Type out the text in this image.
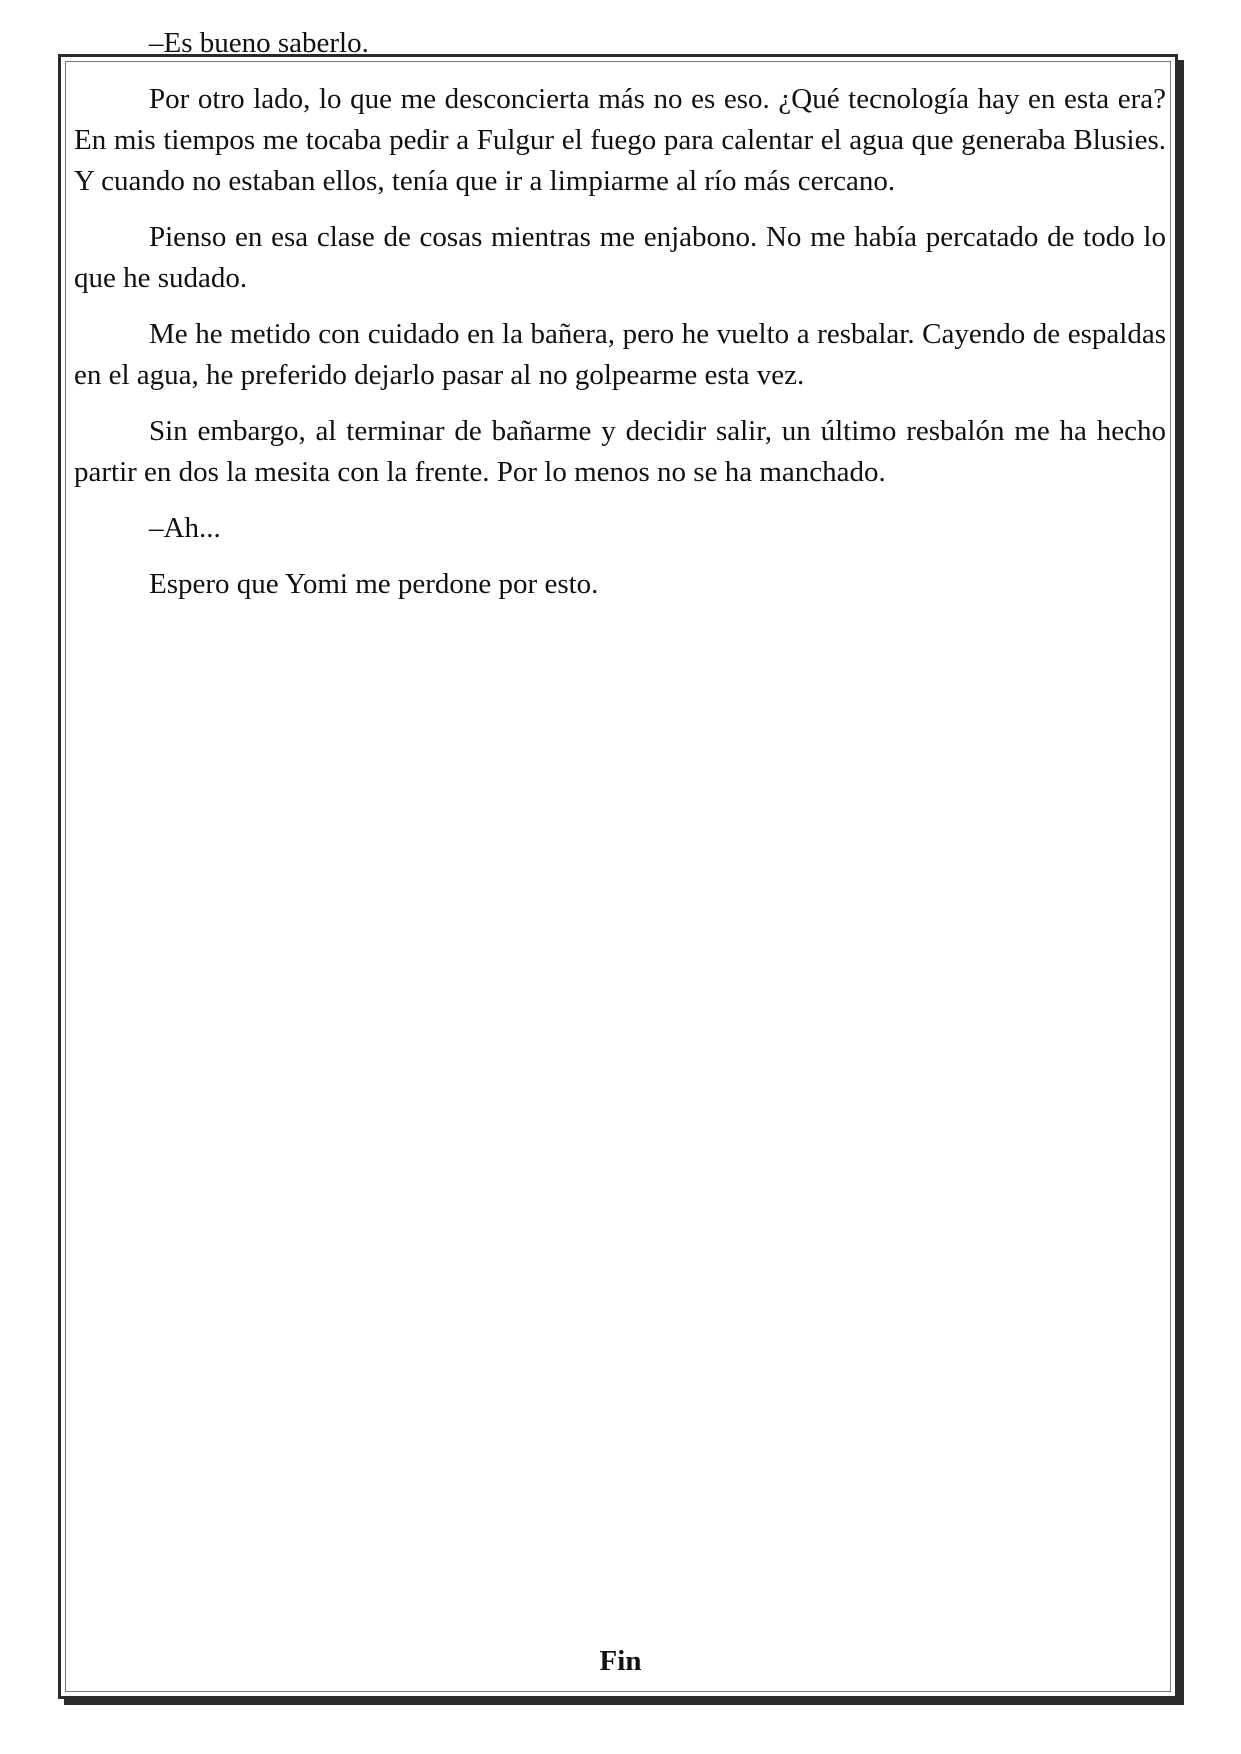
–Es bueno saberlo.

Por otro lado, lo que me desconcierta más no es eso. ¿Qué tecnología hay en esta era? En mis tiempos me tocaba pedir a Fulgur el fuego para calentar el agua que generaba Blusies. Y cuando no estaban ellos, tenía que ir a limpiarme al río más cercano.

Pienso en esa clase de cosas mientras me enjabono. No me había percatado de todo lo que he sudado.

Me he metido con cuidado en la bañera, pero he vuelto a resbalar. Cayendo de espaldas en el agua, he preferido dejarlo pasar al no golpearme esta vez.

Sin embargo, al terminar de bañarme y decidir salir, un último resbalón me ha hecho partir en dos la mesita con la frente. Por lo menos no se ha manchado.

–Ah...

Espero que Yomi me perdone por esto.

Fin
